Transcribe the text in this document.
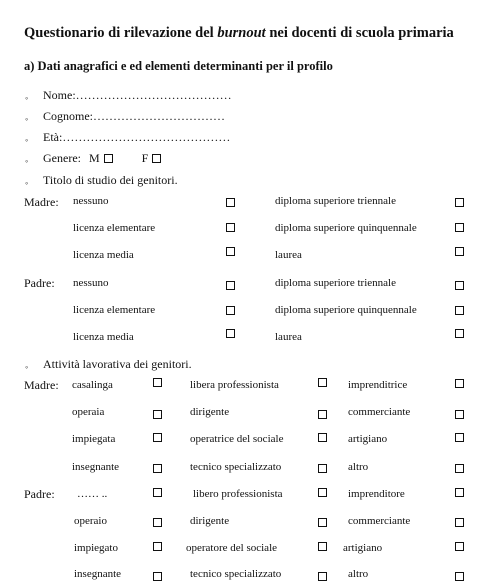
Questionario di rilevazione del burnout nei docenti di scuola primaria
a) Dati anagrafici e ed elementi determinanti per il profilo
◦ Nome:…………………………………
◦ Cognome:……………………………
◦ Età:……………………………………
◦ Genere: M	F
◦ Titolo di studio dei genitori.
Madre: nessuno	diploma superiore triennale
licenza elementare	diploma superiore quinquennale
licenza media	laurea
Padre: nessuno	diploma superiore triennale
licenza elementare	diploma superiore quinquennale
licenza media	laurea
◦ Attività lavorativa dei genitori.
Madre: casalinga	libera professionista	imprenditrice
operaia	dirigente	commerciante
impiegata	operatrice del sociale	artigiano
insegnante	tecnico specializzato	altro
Padre: …… ..	libero professionista	imprenditore
operaio	dirigente	commerciante
impiegato	operatore del sociale	artigiano
insegnante	tecnico specializzato	altro
